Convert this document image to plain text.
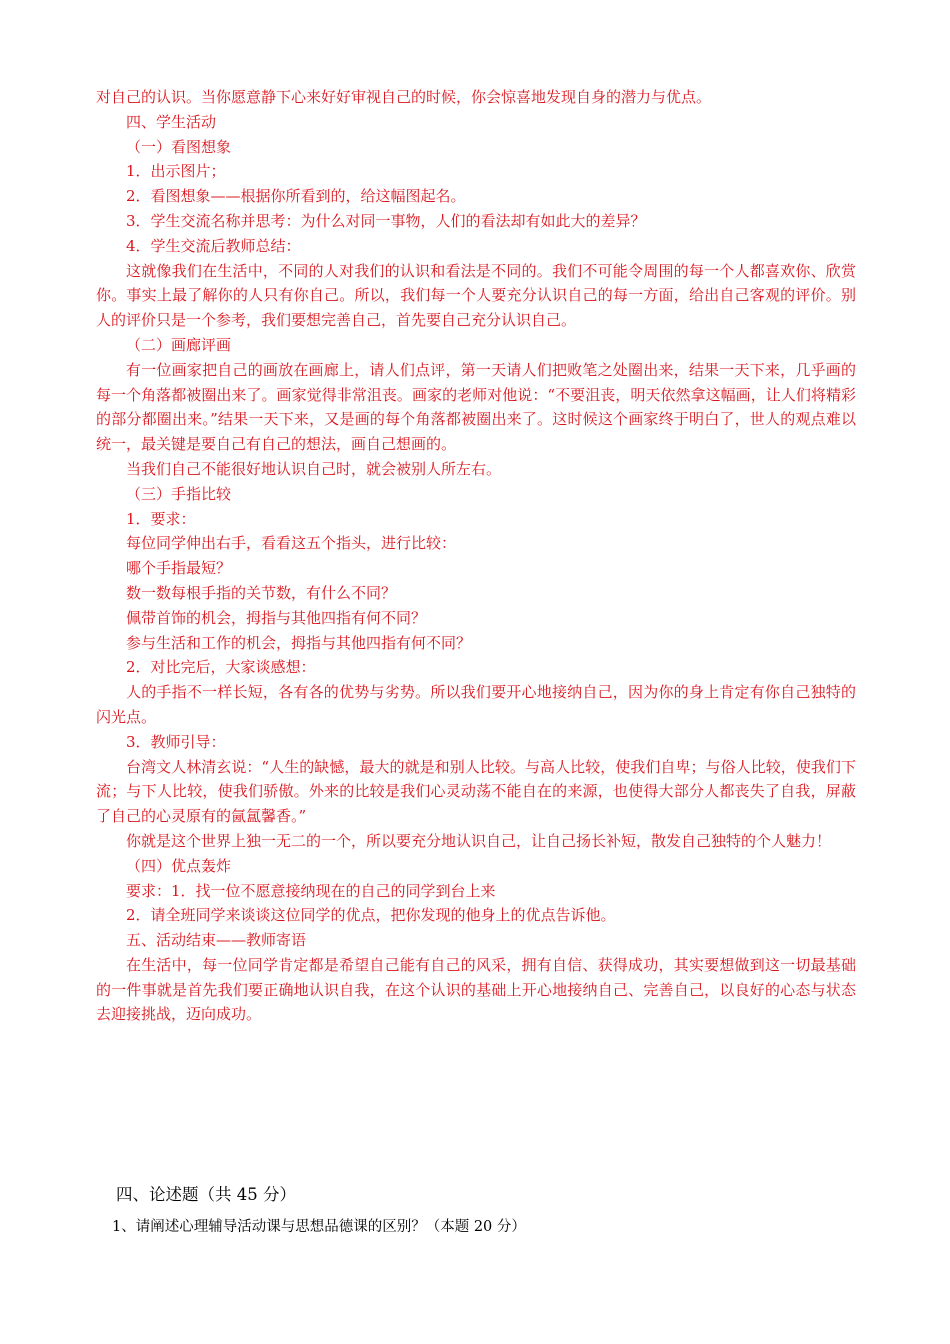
对自己的认识。当你愿意静下心来好好审视自己的时候，你会惊喜地发现自身的潜力与优点。

四、学生活动

（一）看图想象

1．出示图片；

2．看图想象——根据你所看到的，给这幅图起名。

3．学生交流名称并思考：为什么对同一事物，人们的看法却有如此大的差异？

4．学生交流后教师总结：

这就像我们在生活中，不同的人对我们的认识和看法是不同的。我们不可能令周围的每一个人都喜欢你、欣赏你。事实上最了解你的人只有你自己。所以，我们每一个人要充分认识自己的每一方面，给出自己客观的评价。别人的评价只是一个参考，我们要想完善自己，首先要自己充分认识自己。

（二）画廊评画

有一位画家把自己的画放在画廊上，请人们点评，第一天请人们把败笔之处圈出来，结果一天下来，几乎画的每一个角落都被圈出来了。画家觉得非常沮丧。画家的老师对他说：“不要沮丧，明天依然拿这幅画，让人们将精彩的部分都圈出来。”结果一天下来，又是画的每个角落都被圈出来了。这时候这个画家终于明白了，世人的观点难以统一，最关键是要自己有自己的想法，画自己想画的。

当我们自己不能很好地认识自己时，就会被别人所左右。

（三）手指比较

1．要求：

每位同学伸出右手，看看这五个指头，进行比较：

哪个手指最短？

数一数每根手指的关节数，有什么不同？

佩带首饰的机会，拇指与其他四指有何不同？

参与生活和工作的机会，拇指与其他四指有何不同？

2．对比完后，大家谈感想：

人的手指不一样长短，各有各的优势与劣势。所以我们要开心地接纳自己，因为你的身上肯定有你自己独特的闪光点。

3．教师引导：

台湾文人林清玄说：“人生的缺憾，最大的就是和别人比较。与高人比较，使我们自卑；与俗人比较，使我们下流；与下人比较，使我们骄傲。外来的比较是我们心灵动荡不能自在的来源，也使得大部分人都丧失了自我，屏蔽了自己的心灵原有的氤氲馨香。”

你就是这个世界上独一无二的一个，所以要充分地认识自己，让自己扬长补短，散发自己独特的个人魅力！

（四）优点轰炸

要求：1．找一位不愿意接纳现在的自己的同学到台上来

2．请全班同学来谈谈这位同学的优点，把你发现的他身上的优点告诉他。

五、活动结束——教师寄语

在生活中，每一位同学肯定都是希望自己能有自己的风采，拥有自信、获得成功，其实要想做到这一切最基础的一件事就是首先我们要正确地认识自我，在这个认识的基础上开心地接纳自己、完善自己，以良好的心态与状态去迎接挑战，迈向成功。

四、论述题（共 45 分）

1、请阐述心理辅导活动课与思想品德课的区别？（本题 20 分）
